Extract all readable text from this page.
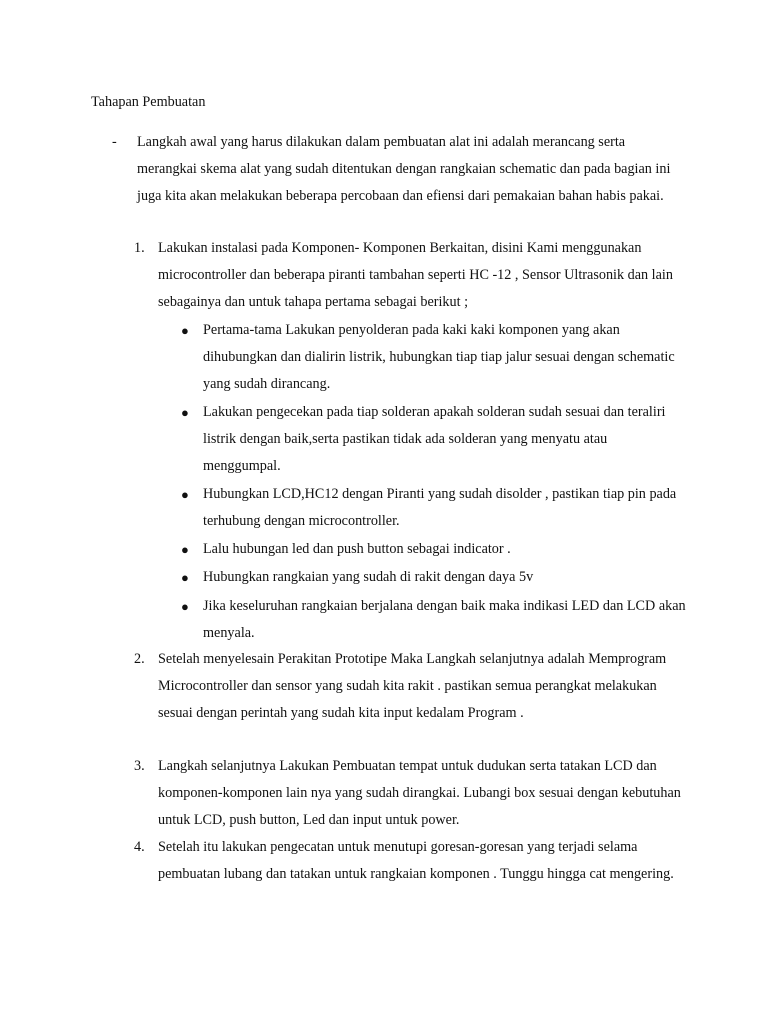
Tahapan Pembuatan
- Langkah awal yang harus dilakukan dalam pembuatan alat ini adalah merancang serta merangkai skema alat yang sudah ditentukan dengan rangkaian schematic dan pada bagian ini juga kita akan melakukan beberapa percobaan dan efiensi dari pemakaian bahan habis pakai.

1. Lakukan instalasi pada Komponen- Komponen Berkaitan, disini Kami menggunakan microcontroller dan beberapa piranti tambahan seperti HC -12 , Sensor Ultrasonik dan lain sebagainya dan untuk tahapa pertama sebagai berikut ;

● Pertama-tama Lakukan penyolderan pada kaki kaki komponen yang akan dihubungkan dan dialirin listrik, hubungkan tiap tiap jalur sesuai dengan schematic yang sudah dirancang.

● Lakukan pengecekan pada tiap solderan apakah solderan sudah sesuai dan teraliri listrik dengan baik,serta pastikan tidak ada solderan yang menyatu atau menggumpal.

● Hubungkan LCD,HC12 dengan Piranti yang sudah disolder , pastikan tiap pin pada terhubung dengan microcontroller.

● Lalu hubungan led dan push button sebagai indicator .

● Hubungkan rangkaian yang sudah di rakit dengan daya 5v

● Jika keseluruhan rangkaian berjalana dengan baik maka indikasi LED dan LCD akan menyala.

2. Setelah menyelesain Perakitan Prototipe Maka Langkah selanjutnya adalah Memprogram Microcontroller dan sensor yang sudah kita rakit . pastikan semua perangkat melakukan sesuai dengan perintah yang sudah kita input kedalam Program .

3. Langkah selanjutnya Lakukan Pembuatan tempat untuk dudukan serta tatakan LCD dan komponen-komponen lain nya yang sudah dirangkai. Lubangi box sesuai dengan kebutuhan untuk LCD, push button, Led dan input untuk power.

4. Setelah itu lakukan pengecatan untuk menutupi goresan-goresan yang terjadi selama pembuatan lubang dan tatakan untuk rangkaian komponen . Tunggu hingga cat mengering.
